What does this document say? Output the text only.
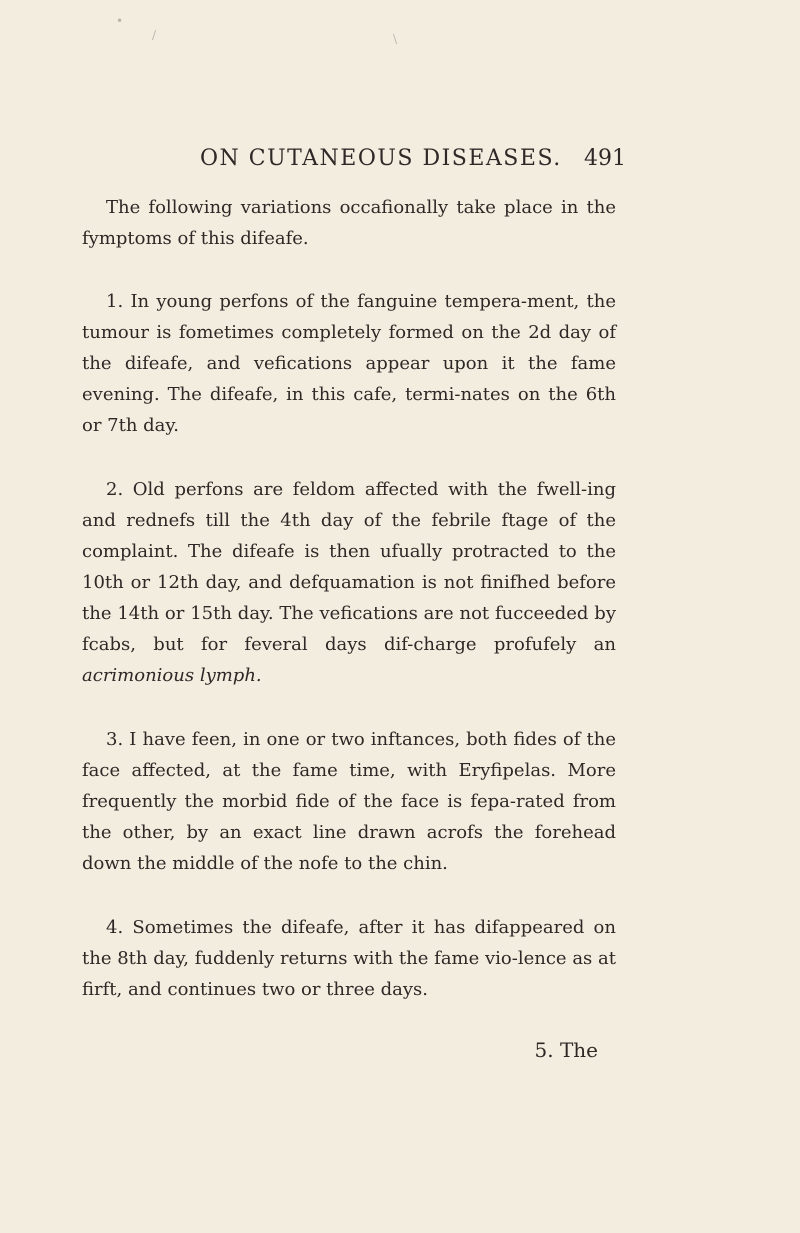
•
/	\
ON CUTANEOUS DISEASES. 491

The following variations occafionally take place in the fymptoms of this difeafe.

1. In young perfons of the fanguine tempera-ment, the tumour is fometimes completely formed on the 2d day of the difeafe, and vefications appear upon it the fame evening. The difeafe, in this cafe, termi-nates on the 6th or 7th day.

2. Old perfons are feldom affected with the fwell-ing and rednefs till the 4th day of the febrile ftage of the complaint. The difeafe is then ufually protracted to the 10th or 12th day, and defquamation is not finifhed before the 14th or 15th day. The vefications are not fucceeded by fcabs, but for feveral days dif-charge profufely an acrimonious lymph.

3. I have feen, in one or two inftances, both fides of the face affected, at the fame time, with Eryfipelas. More frequently the morbid fide of the face is fepa-rated from the other, by an exact line drawn acrofs the forehead down the middle of the nofe to the chin.

4. Sometimes the difeafe, after it has difappeared on the 8th day, fuddenly returns with the fame vio-lence as at firft, and continues two or three days.

5. The
